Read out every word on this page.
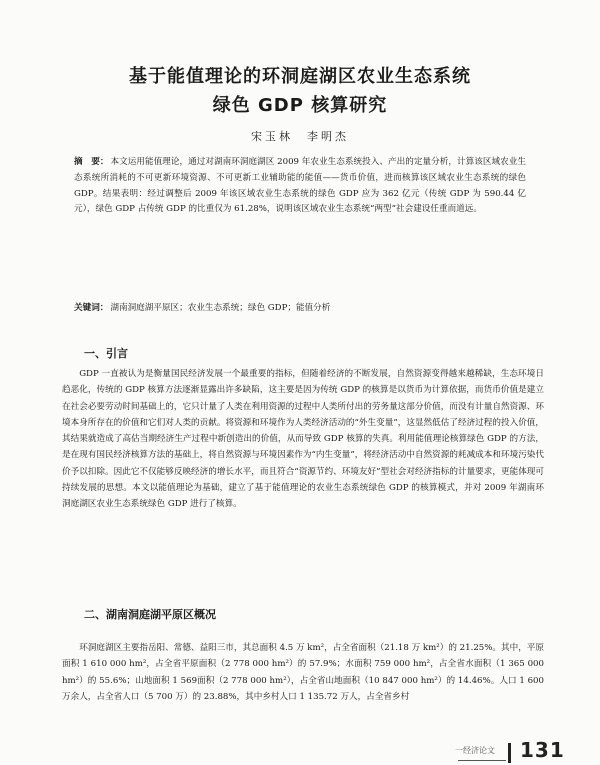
基于能值理论的环洞庭湖区农业生态系统
绿色 GDP 核算研究
宋玉林　李明杰
摘　要： 本文运用能值理论，通过对湖南环洞庭湖区 2009 年农业生态系统投入、产出的定量分析，计算该区域农业生态系统所消耗的不可更新环境资源、不可更新工业辅助能的能值——货币价值，进而核算该区域农业生态系统的绿色 GDP。结果表明：经过调整后 2009 年该区域农业生态系统的绿色 GDP 应为 362 亿元（传统 GDP 为 590.44 亿元），绿色 GDP 占传统 GDP 的比重仅为 61.28%，说明该区域农业生态系统“两型”社会建设任重而道远。
关键词： 湖南洞庭湖平原区；农业生态系统；绿色 GDP；能值分析
一、引言
GDP 一直被认为是衡量国民经济发展一个最重要的指标，但随着经济的不断发展，自然资源变得越来越稀缺，生态环境日趋恶化，传统的 GDP 核算方法逐渐显露出许多缺陷，这主要是因为传统 GDP 的核算是以货币为计算依据，而货币价值是建立在社会必要劳动时间基础上的，它只计量了人类在利用资源的过程中人类所付出的劳务量这部分价值，而没有计量自然资源、环境本身所存在的价值和它们对人类的贡献。将资源和环境作为人类经济活动的“外生变量”，这显然低估了经济过程的投入价值，其结果就造成了高估当期经济生产过程中新创造出的价值，从而导致 GDP 核算的失真。利用能值理论核算绿色 GDP 的方法，是在现有国民经济核算方法的基础上，将自然资源与环境因素作为“内生变量”，将经济活动中自然资源的耗减成本和环境污染代价予以扣除。因此它不仅能够反映经济的增长水平，而且符合“资源节约、环境友好”型社会对经济指标的计量要求，更能体现可持续发展的思想。本文以能值理论为基础，建立了基于能值理论的农业生态系统绿色 GDP 的核算模式，并对 2009 年湖南环洞庭湖区农业生态系统绿色 GDP 进行了核算。
二、湖南洞庭湖平原区概况
环洞庭湖区主要指岳阳、常德、益阳三市，其总面积 4.5 万 km²，占全省面积（21.18 万 km²）的 21.25%。其中，平原面积 1 610 000 hm²，占全省平原面积（2 778 000 hm²）的 57.9%；水面积 759 000 hm²，占全省水面积（1 365 000 hm²）的 55.6%；山地面积 1 569面积（2 778 000 hm²），占全省山地面积（10 847 000 hm²）的 14.46%。人口 1 600 万余人，占全省人口（5 700 万）的 23.88%，其中乡村人口 1 135.72 万人，占全省乡村
一经济论文 131
